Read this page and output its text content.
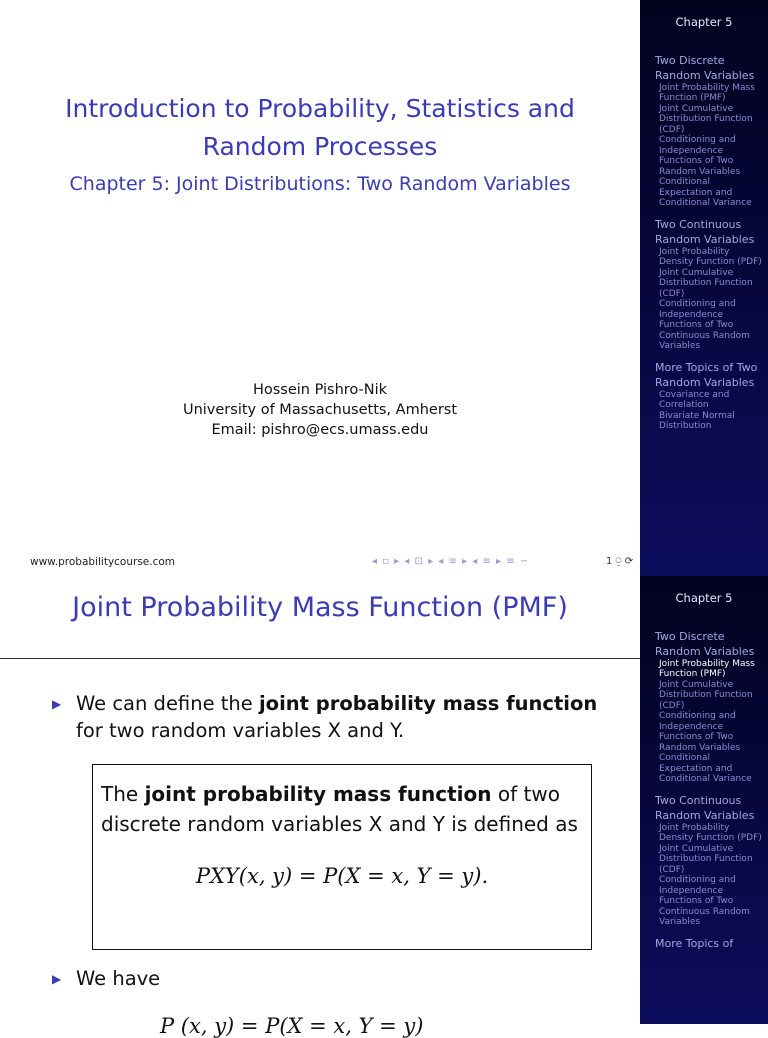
Introduction to Probability, Statistics and
Random Processes
Chapter 5: Joint Distributions: Two Random Variables
Hossein Pishro-Nik
University of Massachusetts, Amherst
Email: pishro@ecs.umass.edu
www.probabilitycourse.com	◂ ▫ ▸ ◂ ⊡ ▸ ◂ ≡ ▸ ◂ ≡ ▸ ≡ ∽	1 ⍜ ⟳
Chapter 5
Two Discrete Random Variables
Joint Probability Mass Function (PMF)
Joint Cumulative Distribution Function (CDF)
Conditioning and Independence
Functions of Two Random Variables
Conditional Expectation and Conditional Variance
Two Continuous Random Variables
Joint Probability Density Function (PDF)
Joint Cumulative Distribution Function (CDF)
Conditioning and Independence
Functions of Two Continuous Random Variables
More Topics of Two Random Variables
Covariance and Correlation
Bivariate Normal Distribution
Joint Probability Mass Function (PMF)
▶ We can define the joint probability mass function for two random variables X and Y.
The joint probability mass function of two discrete random variables X and Y is defined as
PXY(x, y) = P(X = x, Y = y).
▶ We have
P (x, y) = P(X = x, Y = y)
Chapter 5
Two Discrete Random Variables
Joint Probability Mass Function (PMF)
Joint Cumulative Distribution Function (CDF)
Conditioning and Independence
Functions of Two Random Variables
Conditional Expectation and Conditional Variance
Two Continuous Random Variables
Joint Probability Density Function (PDF)
Joint Cumulative Distribution Function (CDF)
Conditioning and Independence
Functions of Two Continuous Random Variables
More Topics of
